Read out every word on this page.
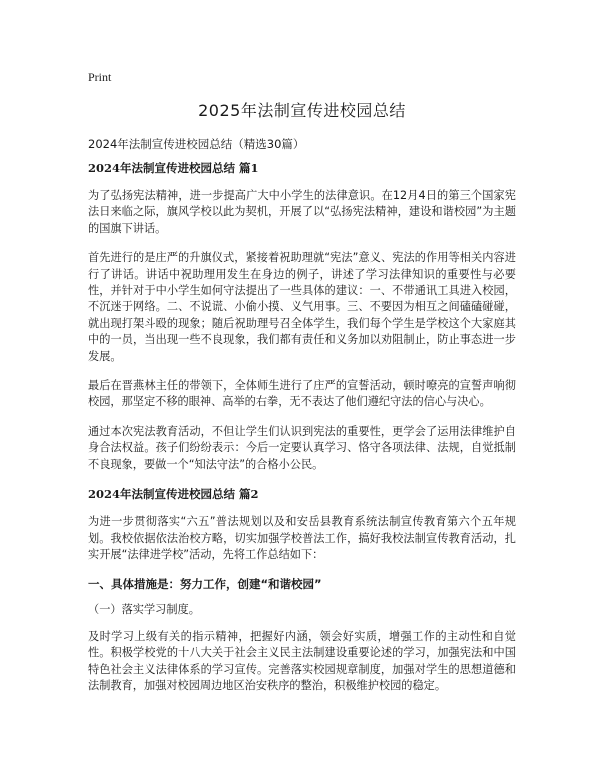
Print
2025年法制宣传进校园总结

2024年法制宣传进校园总结（精选30篇）

2024年法制宣传进校园总结 篇1

为了弘扬宪法精神，进一步提高广大中小学生的法律意识。在12月4日的第三个国家宪法日来临之际，旗风学校以此为契机，开展了以“弘扬宪法精神，建设和谐校园”为主题的国旗下讲话。

首先进行的是庄严的升旗仪式，紧接着祝助理就“宪法”意义、宪法的作用等相关内容进行了讲话。讲话中祝助理用发生在身边的例子，讲述了学习法律知识的重要性与必要性，并针对于中小学生如何守法提出了一些具体的建议：一、不带通讯工具进入校园，不沉迷于网络。二、不说谎、小偷小摸、义气用事。三、不要因为相互之间磕磕碰碰，就出现打架斗殴的现象；随后祝助理号召全体学生，我们每个学生是学校这个大家庭其中的一员，当出现一些不良现象，我们都有责任和义务加以劝阻制止，防止事态进一步发展。

最后在晋燕林主任的带领下，全体师生进行了庄严的宣誓活动，顿时嘹亮的宣誓声响彻校园，那坚定不移的眼神、高举的右拳，无不表达了他们遵纪守法的信心与决心。

通过本次宪法教育活动，不但让学生们认识到宪法的重要性，更学会了运用法律维护自身合法权益。孩子们纷纷表示：今后一定要认真学习、恪守各项法律、法规，自觉抵制不良现象，要做一个“知法守法”的合格小公民。

2024年法制宣传进校园总结 篇2

为进一步贯彻落实“六五”普法规划以及和安岳县教育系统法制宣传教育第六个五年规划。我校依据依法治校方略，切实加强学校普法工作，搞好我校法制宣传教育活动，扎实开展“法律进学校”活动，先将工作总结如下：

一、具体措施是：努力工作，创建“和谐校园”

（一）落实学习制度。

及时学习上级有关的指示精神，把握好内涵，领会好实质，增强工作的主动性和自觉性。积极学校党的十八大关于社会主义民主法制建设重要论述的学习，加强宪法和中国特色社会主义法律体系的学习宣传。完善落实校园规章制度，加强对学生的思想道德和法制教育，加强对校园周边地区治安秩序的整治，积极维护校园的稳定。
